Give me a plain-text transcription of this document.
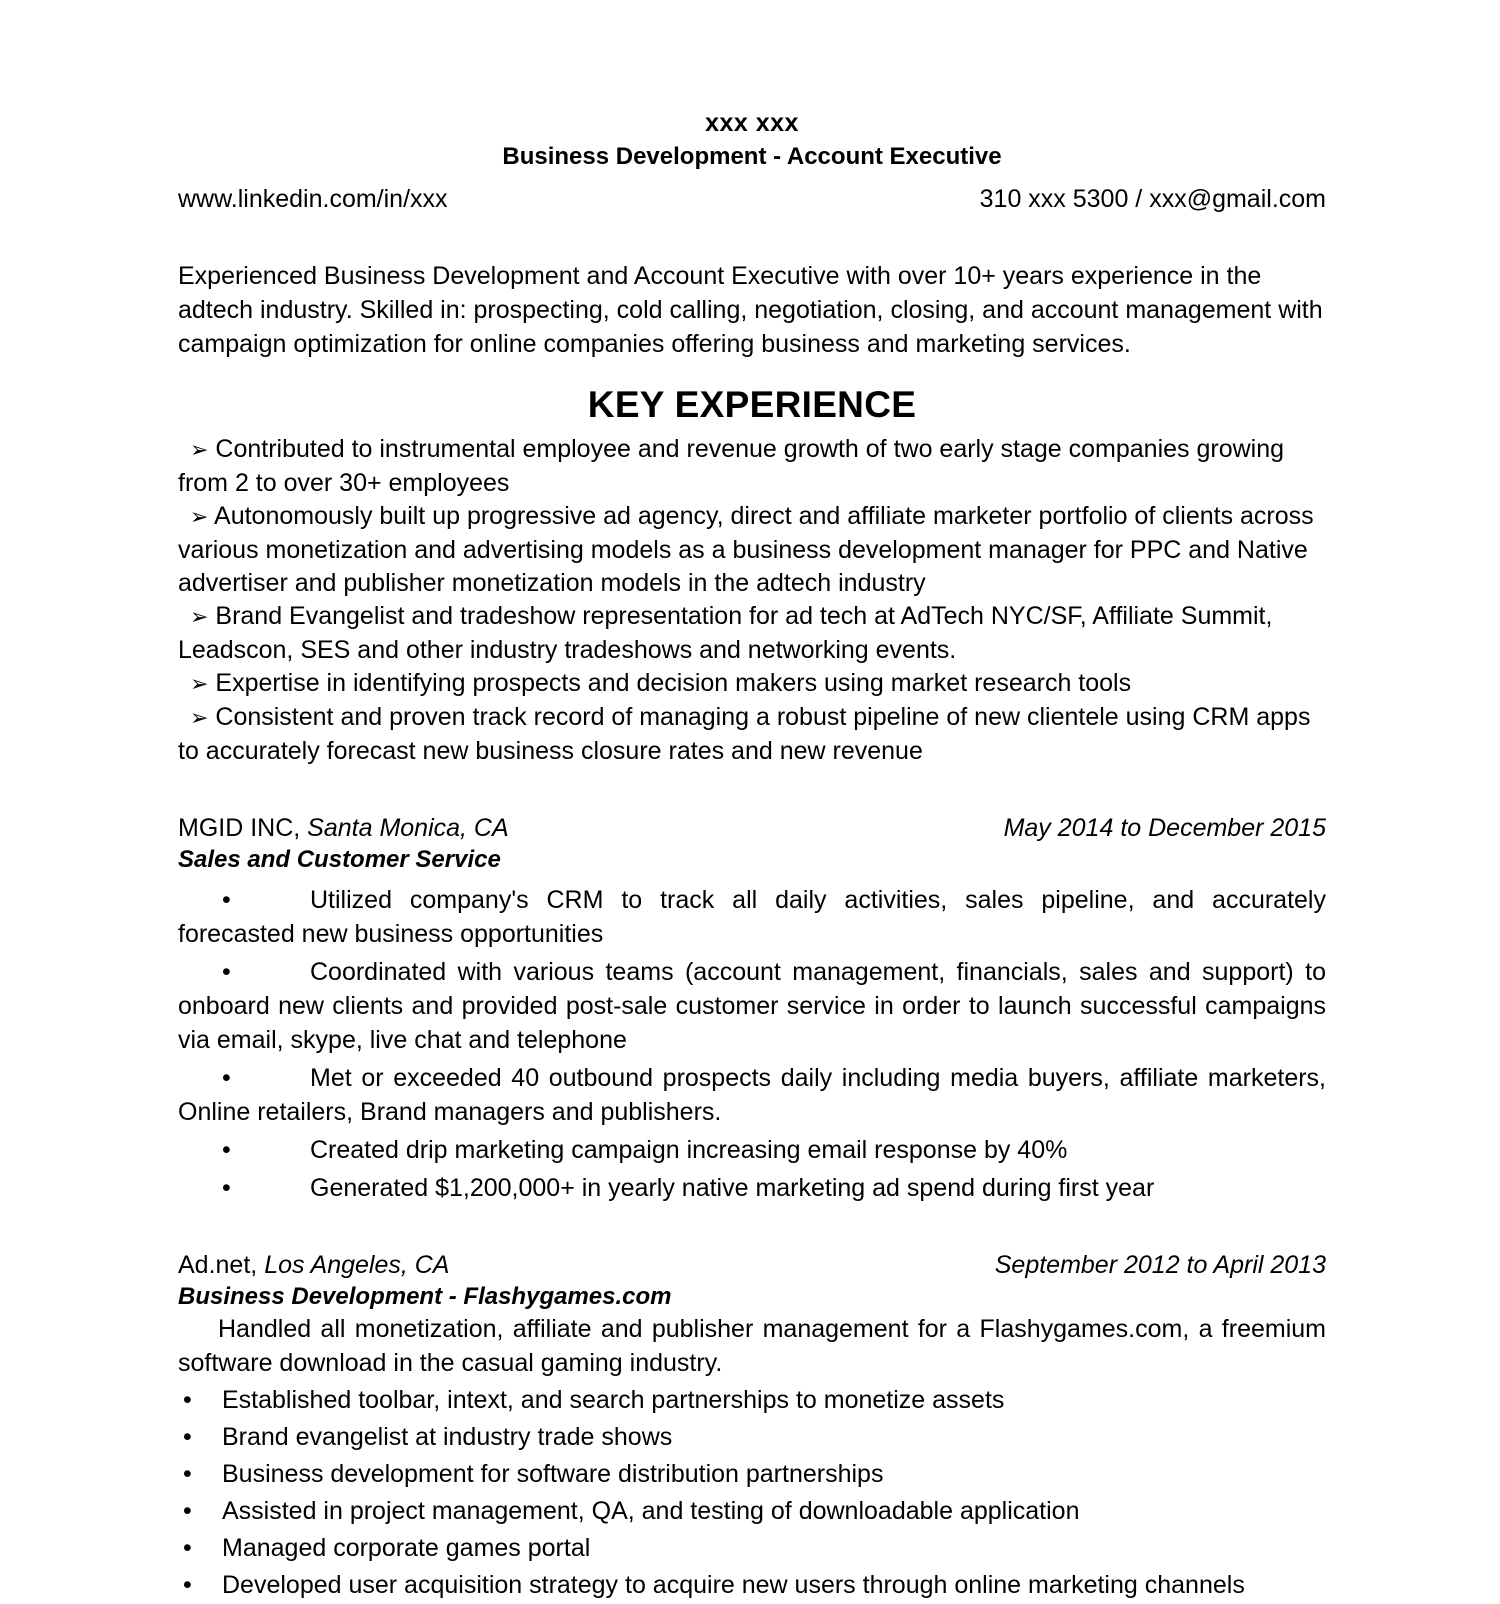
xxx xxx
Business Development - Account Executive
www.linkedin.com/in/xxx	310 xxx 5300 / xxx@gmail.com
Experienced Business Development and Account Executive with over 10+ years experience in the adtech industry. Skilled in: prospecting, cold calling, negotiation, closing, and account management with campaign optimization for online companies offering business and marketing services.
KEY EXPERIENCE
➢ Contributed to instrumental employee and revenue growth of two early stage companies growing from 2 to over 30+ employees
➢ Autonomously built up progressive ad agency, direct and affiliate marketer portfolio of clients across various monetization and advertising models as a business development manager for PPC and Native advertiser and publisher monetization models in the adtech industry
➢ Brand Evangelist and tradeshow representation for ad tech at AdTech NYC/SF, Affiliate Summit, Leadscon, SES and other industry tradeshows and networking events.
➢ Expertise in identifying prospects and decision makers using market research tools
➢ Consistent and proven track record of managing a robust pipeline of new clientele using CRM apps to accurately forecast new business closure rates and new revenue
MGID INC, Santa Monica, CA	May 2014 to December 2015
Sales and Customer Service
• Utilized company's CRM to track all daily activities, sales pipeline, and accurately forecasted new business opportunities
• Coordinated with various teams (account management, financials, sales and support) to onboard new clients and provided post-sale customer service in order to launch successful campaigns via email, skype, live chat and telephone
• Met or exceeded 40 outbound prospects daily including media buyers, affiliate marketers, Online retailers, Brand managers and publishers.
• Created drip marketing campaign increasing email response by 40%
• Generated $1,200,000+ in yearly native marketing ad spend during first year
Ad.net, Los Angeles, CA	September 2012 to April 2013
Business Development - Flashygames.com
Handled all monetization, affiliate and publisher management for a Flashygames.com, a freemium software download in the casual gaming industry.
• Established toolbar, intext, and search partnerships to monetize assets
• Brand evangelist at industry trade shows
• Business development for software distribution partnerships
• Assisted in project management, QA, and testing of downloadable application
• Managed corporate games portal
• Developed user acquisition strategy to acquire new users through online marketing channels
